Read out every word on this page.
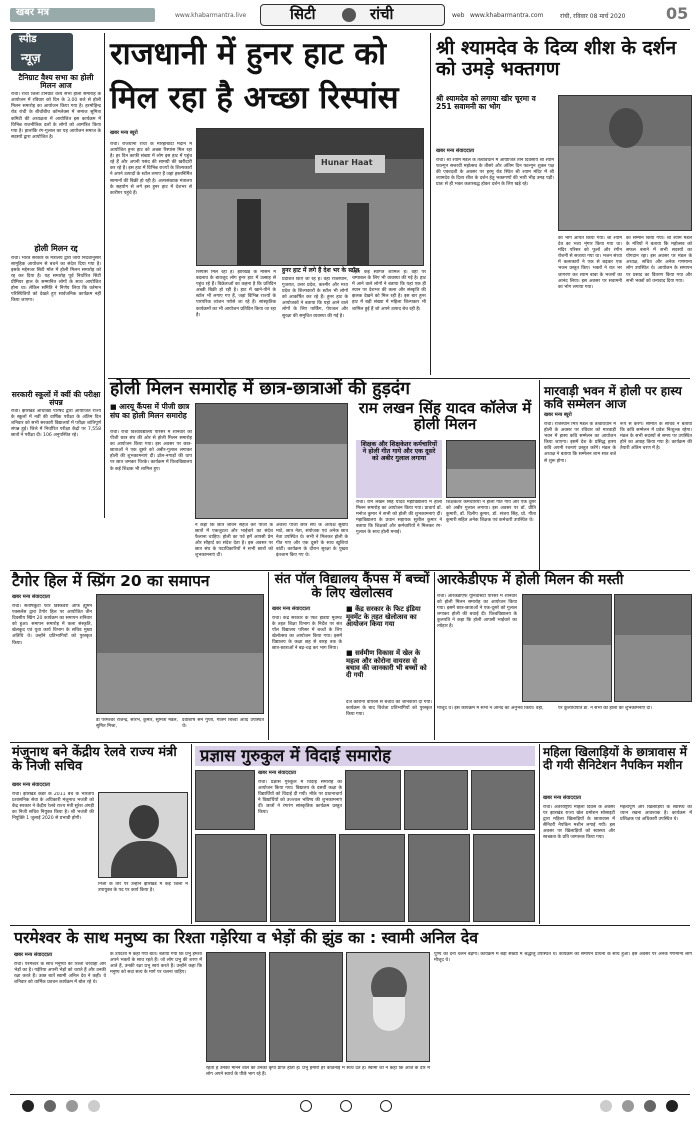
खबर मंत्र	www.khabarmantra.live	सिटी	रांची	web www.khabarmantra.com	रांची, रविवार 08 मार्च 2020	05
स्पीड
न्यूज़
टैनिग्राट वैश्य सभा का होली मिलन आज
रांची। रांची जिला टैनिग्राट वैश्य सभा होली समारोह के आयोजन में रविवार को दिन के 3.00 बजे से होली मिलन समारोह का आयोजन किया गया है। हरमोहिन्द्र रोड रांची के बीचोंबीच कॉम्प्लेक्स में समाज सुमित्रा कमिटी की अध्यक्षता में आयोजित इस कार्यक्रम में विभिन्न राजनीतिक दलों के लोगों को आमंत्रित किया गया है। हालांकि रंग-गुलाल का यह आयोजन समाज के सदस्यों द्वारा आयोजित है।
होली मिलन रद्द
रांची। भारत सरकार के मंत्रालय द्वारा जारी निर्देशानुसार सामूहिक आयोजन से बचने का संदेश दिया गया है। इसके मद्देनजर सिटी मॉल में होली मिलन समारोह को रद्द कर दिया है। यह समारोह पूर्व निर्धारित सिटी प्रीमियर हाल के सम्मानित लोगों के साथ आयोजित होना था। लेकिन समिति ने निर्णय लिया कि वर्तमान परिस्थितियों को देखते हुए सार्वजनिक कार्यक्रम नहीं किया जाएगा।
सरकारी स्कूलों में क्वीं की परीक्षा संपन्न
रांची। झारखंड अधिविद्य परिषद द्वारा आयोजित राज्य के स्कूलों में नवीं की वार्षिक परीक्षा के अंतिम दिन शनिवार को सभी सरकारी विद्यालयों में परीक्षा शांतिपूर्ण संपन्न हुई। जिले में निर्धारित परीक्षा केंद्रों पर 7,558 छात्रों ने परीक्षा दी। 106 अनुपस्थित रहे।
राजधानी में हुनर हाट को
मिल रहा है अच्छा रिस्पांस
Hunar Haat
खबर मन्त्र ब्यूरो
रांची। राजधानी रांची के मोरहाबादी मैदान में आयोजित हुनर हाट को अच्छा रिस्पांस मिल रहा है। हर दिन काफी संख्या में लोग इस हाट में पहुंच रहे हैं और अपनी पसंद की सामग्री की खरीदारी कर रहे हैं। इस हाट में विभिन्न राज्यों के शिल्पकारों ने अपने उत्पादों के स्टॉल लगाए हैं जहां हस्तनिर्मित सामानों की बिक्री हो रही है। अल्पसंख्यक मंत्रालय के सहयोग से लगे इस हुनर हाट में देशभर से कारीगर पहुंचे हैं।
रिस्पांस मिल रहा है। झारखंड के मौसम में बदलाव के बावजूद लोग हुनर हाट में उत्साह से पहुंच रहे हैं। विक्रेताओं का कहना है कि प्रतिदिन अच्छी बिक्री हो रही है। हाट में खाने-पीने के स्टॉल भी लगाए गए हैं, जहां विभिन्न राज्यों के पारंपरिक व्यंजन परोसे जा रहे हैं। सांस्कृतिक कार्यक्रमों का भी आयोजन प्रतिदिन किया जा रहा है।
हुनर हाट में लगे हैं देश भर के स्टॉल
प्रदर्शित किए जा रहे हैं। वहीं राजस्थान, गुजरात, उत्तर प्रदेश, कश्मीर और मध्य प्रदेश के शिल्पकारों के स्टॉल भी लोगों को आकर्षित कर रहे हैं। हुनर हाट के आयोजकों ने बताया कि यहां आने वाले लोगों के लिए पार्किंग, पेयजल और सुरक्षा की समुचित व्यवस्था की गई है।
पहले कई स्वागत शामिल हैं। वहीं पर चम्पाबल के लिए भी व्यवस्था की गई है। हाट में आने वाले लोगों ने बताया कि यहां एक ही स्थान पर देशभर की कला और संस्कृति की झलक देखने को मिल रही है। इस बार हुनर हाट में बड़ी संख्या में महिला शिल्पकार भी शामिल हुई हैं जो अपने उत्पाद बेच रही हैं।
श्री श्यामदेव के दिव्य शीश के दर्शन को उमड़े भक्तगण
श्री श्यामदेव को लगाया खीर चूरमा व 251 सवामनी का भोग
खबर मन्त्र संवाददाता
रांची। श्री श्याम मंडल के तत्वावधान में आयोजित तीन दिवसीय श्री श्याम फाल्गुन सत्तरवीं महोत्सव के तीसरे और अंतिम दिन फाल्गुन शुक्ल पक्ष की एकादशी के अवसर पर हरमू रोड स्थित श्री श्याम मंदिर में श्री श्यामदेव के दिव्य शीश के दर्शन हेतु भक्तगणों की भारी भीड़ उमड़ पड़ी। प्रातः से ही भक्त कतारबद्ध होकर दर्शन के लिए खड़े रहे।
का भोग अर्पित किया गया। श्री श्याम देव का भव्य शृंगार किया गया था। मंदिर परिसर को फूलों और रंगीन रोशनी से सजाया गया था। भजन संध्या में कलाकारों ने एक से बढ़कर एक भजन प्रस्तुत किए। भक्तों ने रात भर जागरण कर श्याम बाबा के भजनों का आनंद लिया। इस अवसर पर सवामनी का भोग लगाया गया।
का सम्मान किया गया। श्री श्याम मंडल के मंत्रियों ने बताया कि महोत्सव को सफल बनाने में सभी सदस्यों का योगदान रहा। इस अवसर पर मंडल के अध्यक्ष, सचिव और अनेक गणमान्य लोग उपस्थित थे। आयोजन के समापन पर प्रसाद का वितरण किया गया और सभी भक्तों को धन्यवाद दिया गया।
होली मिलन समारोह में छात्र-छात्राओं की हुड़दंग
■ आरयू कैंपस में पीजी छात्र संघ का होली मिलन समारोह
रांची। रांची विश्वविद्यालय परिसर में शनिवार को पीजी छात्र संघ की ओर से होली मिलन समारोह का आयोजन किया गया। इस अवसर पर छात्र-छात्राओं ने एक दूसरे को अबीर-गुलाल लगाकर होली की शुभकामनाएं दीं। ढोल-नगाड़ों की थाप पर छात्र जमकर थिरके। कार्यक्रम में विश्वविद्यालय के कई शिक्षक भी शामिल हुए।
ने कहा कि छात्र जीवन सहज कर पीजी के छात्रों में एकजुटता और भाईचारे का संदेश फैलाना चाहिए। होली का पर्व हमें आपसी प्रेम और सौहार्द का संदेश देता है। इस अवसर पर छात्र संघ के पदाधिकारियों ने सभी छात्रों को शुभकामनाएं दीं।
अवश्य पीजी छात्र संघ के अध्यक्ष सुबोध माटे, छात्र नेता, संयोजक एवं अनेक छात्र नेता उपस्थित थे। सभी ने मिलकर होली के गीत गाए और एक दूसरे के साथ खुशियां बांटीं। कार्यक्रम के दौरान सुरक्षा के पुख्ता इंतजाम किए गए थे।
राम लखन सिंह यादव कॉलेज में होली मिलन
शिक्षक और शिक्षकेतर कर्मचारियों ने होली गीत गाये और एक दूसरे को अबीर गुलाल लगाया
रांची। राम लखन सिंह यादव महाविद्यालय में होली मिलन समारोह का आयोजन किया गया। प्राचार्य डॉ. मनोज कुमार ने सभी को होली की शुभकामनाएं दीं। महाविद्यालय के प्रधान सहायक सुशील कुमार ने बताया कि शिक्षकों और कर्मचारियों ने मिलकर रंग-गुलाल के साथ होली मनाई।
शिक्षकेतर कर्मचारियों ने होली गीत गाये और एक दूसरे को अबीर गुलाल लगाया। इस अवसर पर डॉ. प्रीति कुमारी, डॉ. दिलीप कुमार, डॉ. संजय सिंह, प्रो. गीता कुमारी सहित अनेक शिक्षक एवं कर्मचारी उपस्थित थे।
मारवाड़ी भवन में होली पर हास्य कवि सम्मेलन आज
खबर मन्त्र ब्यूरो
रांची। राजस्थान मित्र मंडल के तत्वावधान में होली के अवसर पर रविवार को मारवाड़ी भवन में हास्य कवि सम्मेलन का आयोजन किया जाएगा। इसमें देश के प्रसिद्ध हास्य कवि अपनी रचनाएं प्रस्तुत करेंगे। मंडल के अध्यक्ष ने बताया कि सम्मेलन शाम सात बजे से शुरू होगा।
रूप से करेंगे। समिति के संचिव ने बताया कि कवि सम्मेलन में प्रवेश निःशुल्क रहेगा। मंडल के सभी सदस्यों से समय पर उपस्थित होने का आग्रह किया गया है। कार्यक्रम की तैयारी अंतिम चरण में है।
टैगोर हिल में स्प्रिंग 20 का समापन
खबर मन्त्र संवाददाता
रांची। संतोषकुटी फॉर डिस्कवेरी ऑफ ह्यूमन एक्सलेंस द्वारा टैगोर हिल पर आयोजित तीन दिवसीय स्प्रिंग 20 कार्यक्रम का समापन शनिवार को हुआ। समापन समारोह में कला संस्कृति, खेलकूद एवं युवा कार्य विभाग के सचिव मुख्य अतिथि थे। उन्होंने प्रतिभागियों को पुरस्कृत किया।
डॉ परमेश्वर राजेन्द्र, सौरभ, कुमार, सुमित्रा मंडल, सुमित मिश्रा,
देवाशीष सेन गुप्ता, गौतम बिश्वा आदि उपस्थित थे।
संत पॉल विद्यालय कैंपस में बच्चों के लिए खेलोत्सव
खबर मन्त्र संवाददाता
रांची। केंद्र सरकार के फिट इंडिया मूवमेंट के तहत शिक्षा विभाग के निर्देश पर संत पॉल विद्यालय परिसर में बच्चों के लिए खेलोत्सव का आयोजन किया गया। इसमें विद्यालय के कक्षा छह से बारह तक के छात्र-छात्राओं ने बढ़-चढ़ कर भाग लिया।
■ केंद्र सरकार के फिट इंडिया मूवमेंट के तहत खेलोत्सव का आयोजन किया गया
■ सर्वमीण विकास में खेल के महत्व और कोरोना वायरस से बचाव की जानकारी भी बच्चों को दी गयी
दर्ज कोरोना वायरस से बचाव की जानकारी दी गयी। कार्यक्रम के बाद विजेता प्रतिभागियों को पुरस्कृत किया गया।
आरकेडीएफ में होली मिलन की मस्ती
रांची। आरकेडीएफ यूनिवर्सिटी परिसर में शनिवार को होली मिलन समारोह का आयोजन किया गया। इसमें छात्र-छात्राओं ने एक-दूसरे को गुलाल लगाकर होली की बधाई दी। विश्वविद्यालय के कुलपति ने कहा कि होली आपसी भाईचारे का त्योहार है।
मौजूद थे। इस कार्यक्रम में सभी ने आनंद का अनुभव किया। वहीं,	पर कुलाधिपति डॉ. ने सभी को होली की शुभकामनाएं दीं।
मंजुनाथ बने केंद्रीय रेलवे राज्य मंत्री के निजी सचिव
खबर मन्त्र संवाददाता
रांची। झारखंड कैडर के 2011 बैच के भारतीय प्रशासनिक सेवा के अधिकारी मंजुनाथ भजंत्री को केंद्र सरकार ने केंद्रीय रेलवे राज्य मंत्री सुरेश अंगड़ी का निजी सचिव नियुक्त किया है। श्री भजंत्री की नियुक्ति 1 जुलाई 2020 से प्रभावी होगी।
निजी के तौर पर उन्होंने झारखंड में कई जिलों में उपायुक्त के पद पर कार्य किया है।
प्रज्ञास गुरुकुल में विदाई समारोह
खबर मन्त्र संवाददाता
रांची। प्रज्ञास गुरुकुल में विदाई समारोह का आयोजन किया गया। विद्यालय के दसवीं कक्षा के विद्यार्थियों को विदाई दी गयी। मौके पर प्रधानाचार्य ने विद्यार्थियों को उज्ज्वल भविष्य की शुभकामनाएं दीं। छात्रों ने रंगारंग सांस्कृतिक कार्यक्रम प्रस्तुत किया।
महिला खिलाड़ियों के छात्रावास में दी गयी सैनिटेशन नैपकिन मशीन
खबर मन्त्र संवाददाता
रांची। अंतरराष्ट्रीय महिला दिवस के अवसर पर झारखंड राज्य खेल प्रमोशन सोसाइटी द्वारा महिला खिलाड़ियों के छात्रावास में सैनिटरी नैपकिन मशीन लगाई गयी। इस अवसर पर खिलाड़ियों को स्वास्थ्य और स्वच्छता के प्रति जागरूक किया गया।
महत्वपूर्ण और खिलाड़ियों के स्वास्थ्य का ध्यान रखना आवश्यक है। कार्यक्रम में प्रशिक्षक एवं अधिकारी उपस्थित थे।
परमेश्वर के साथ मनुष्य का रिश्ता गड़ेरिया व भेड़ों की झुंड का : स्वामी अनिल देव
खबर मन्त्र संवाददाता
रांची। परमेश्वर के साथ मनुष्यों का रिश्ता चरवाहा और भेड़ों का है। गड़ेरिया अपनी भेड़ों को चराते हैं और उनकी रक्षा करते हैं। उक्त बातें स्वामी अनिल देव ने कही। वे शनिवार को धार्मिक प्रवचन कार्यक्रम में बोल रहे थे।
के उपदेशों में कहीं गयी बातें। बताया गया कि प्रभु हमेशा अपने भक्तों के साथ रहते हैं। जो लोग प्रभु की शरण में आते हैं, उनकी रक्षा प्रभु स्वयं करते हैं। उन्होंने कहा कि मनुष्य को सदा सत्य के मार्ग पर चलना चाहिए।
रहता है उनको मानने वाले को उनकी कृपा प्राप्त होती है। प्रभु हमारी हर कठिनाई में साथ देते हैं। स्वामी जी ने कहा कि आज के दौर में लोग अपने स्वार्थ के पीछे भाग रहे हैं।
पुण्य का देना चलन बढ़ेगा। कार्यक्रम में बड़ी संख्या में श्रद्धालु उपस्थित थे। कार्यक्रम का समापन प्रार्थना के साथ हुआ। इस अवसर पर अनेक गणमान्य लोग मौजूद थे।
